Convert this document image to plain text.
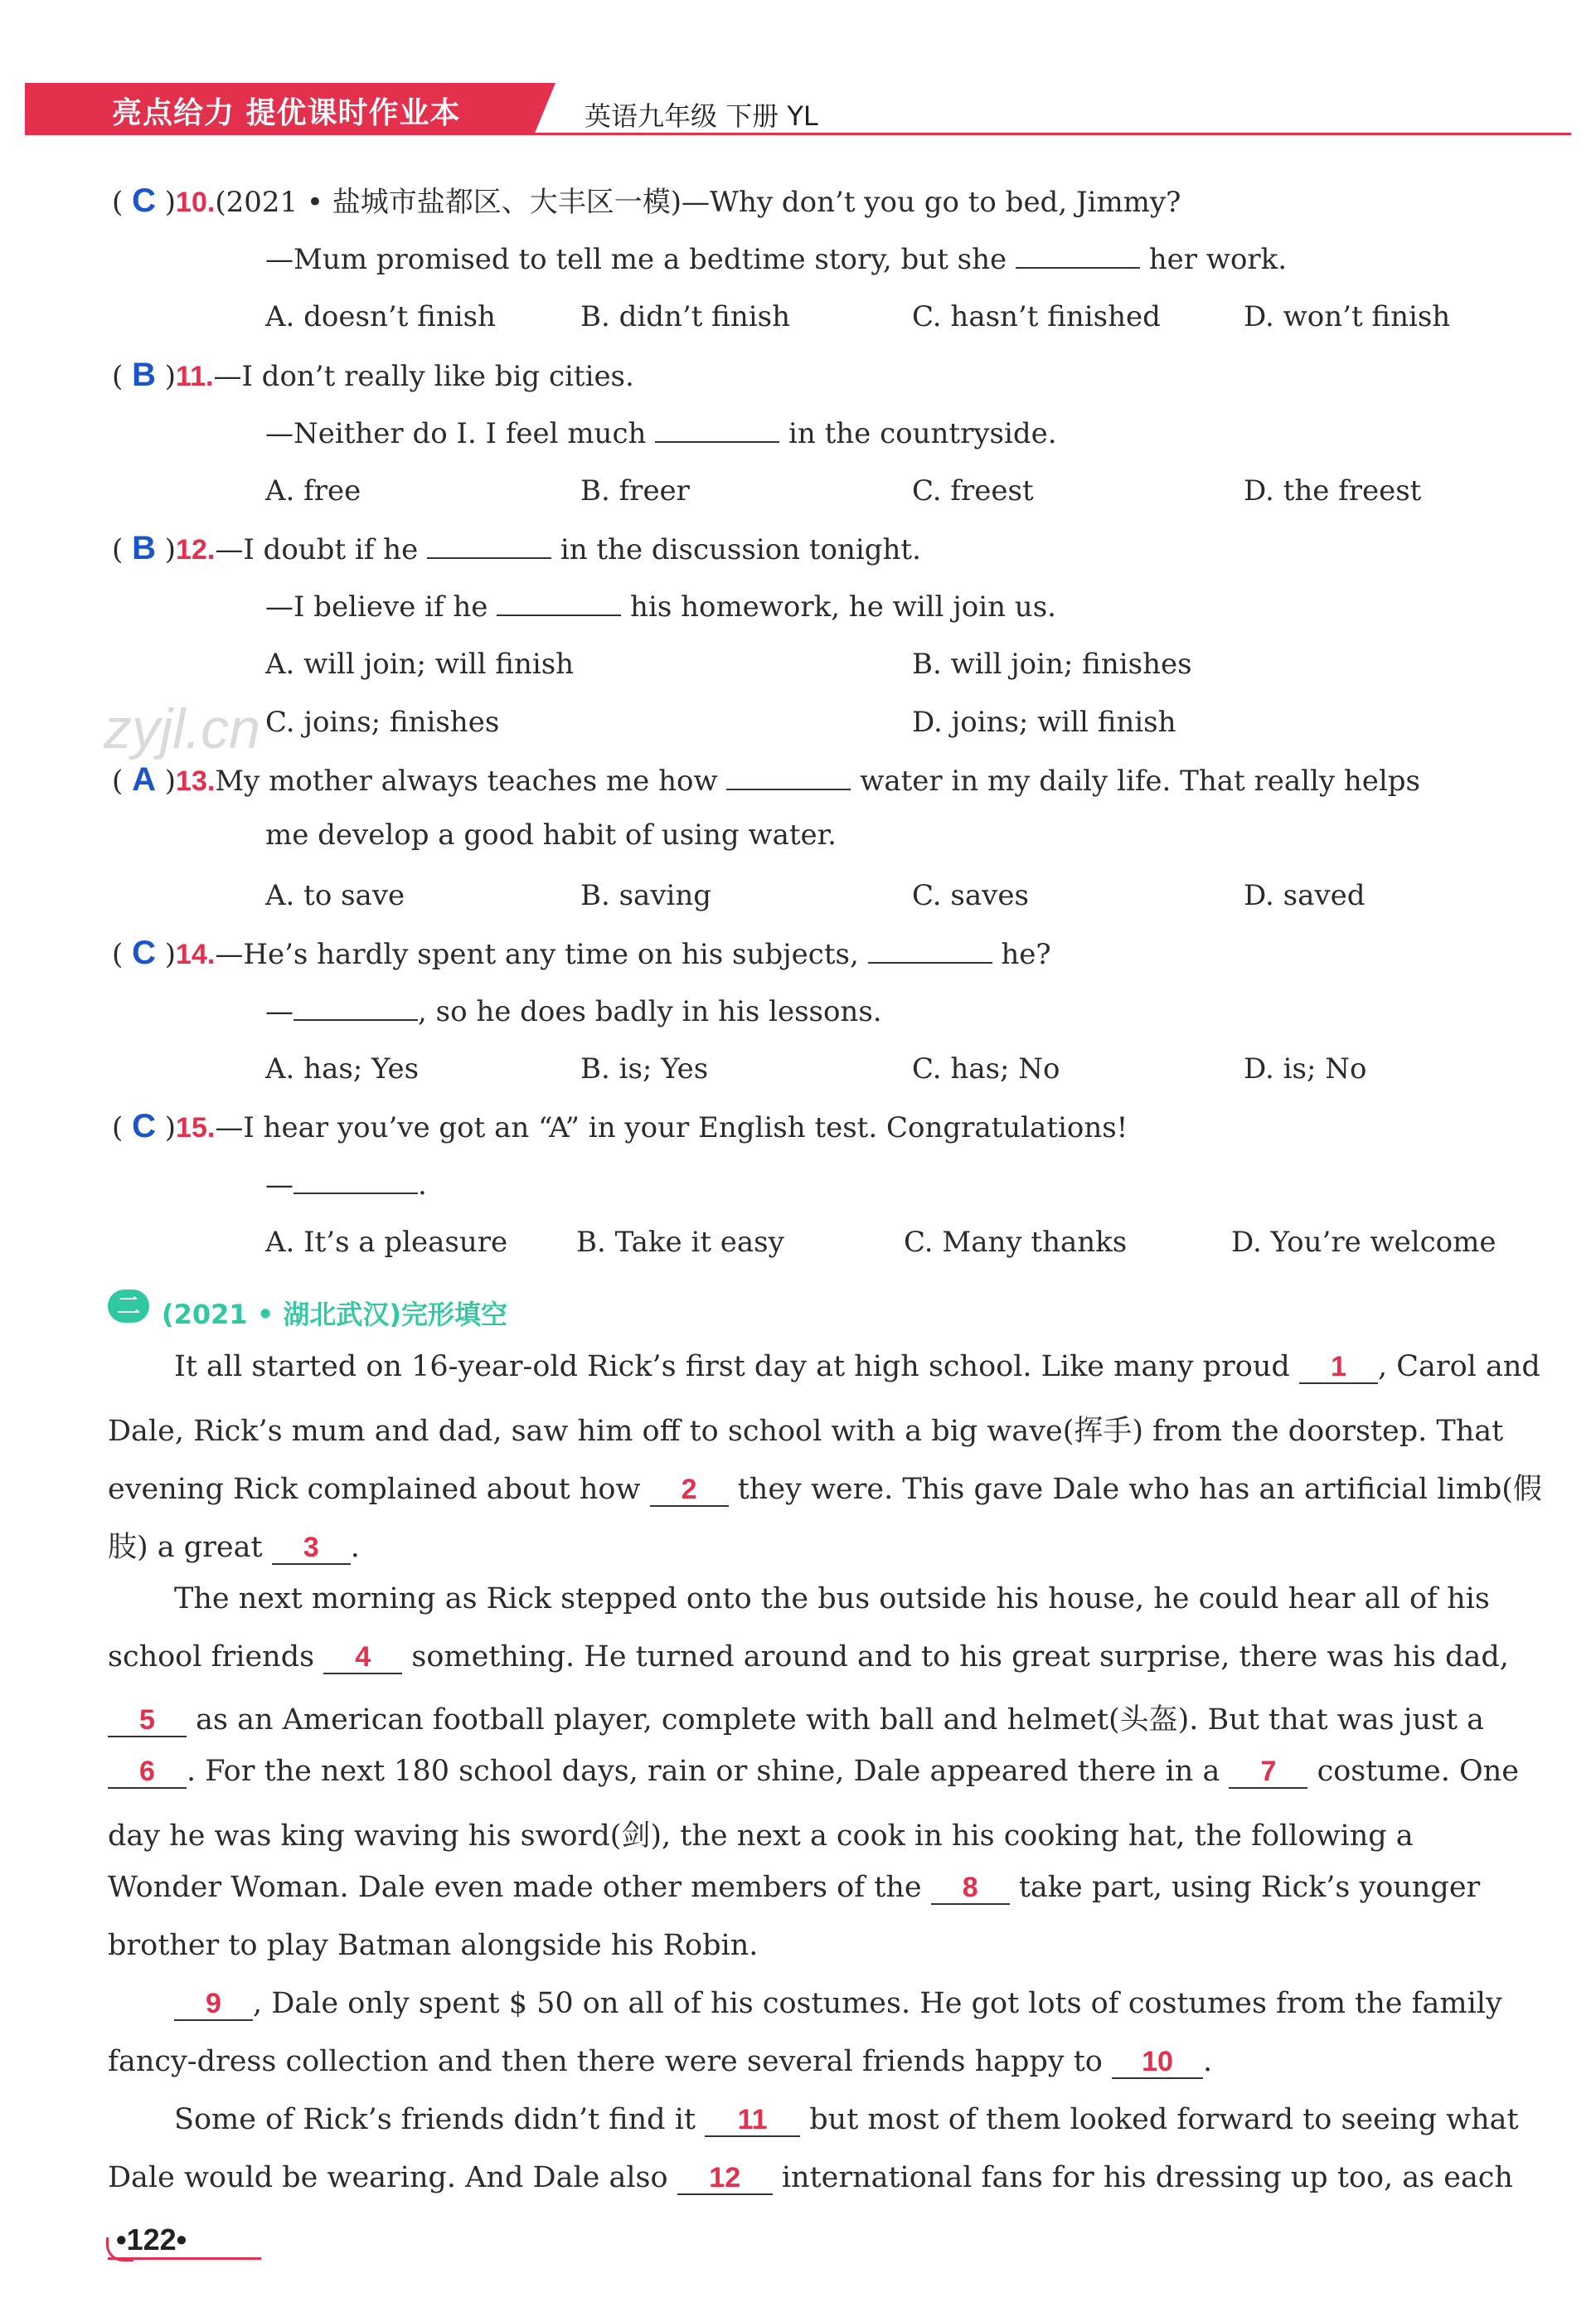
亮点给力 提优课时作业本	英语九年级 下册 YL
zyjl.cn
( C )10.(2021 • 盐城市盐都区、大丰区一模)—Why don’t you go to bed, Jimmy?
—Mum promised to tell me a bedtime story, but she	her work.
A. doesn’t finish	B. didn’t finish	C. hasn’t finished	D. won’t finish
( B )11.—I don’t really like big cities.
—Neither do I. I feel much	in the countryside.
A. free	B. freer	C. freest	D. the freest
( B )12.—I doubt if he	in the discussion tonight.
—I believe if he	his homework, he will join us.
A. will join; will finish	B. will join; finishes
C. joins; finishes	D. joins; will finish
( A )13.My mother always teaches me how	water in my daily life. That really helps
me develop a good habit of using water.
A. to save	B. saving	C. saves	D. saved
( C )14.—He’s hardly spent any time on his subjects,	he?
—	, so he does badly in his lessons.
A. has; Yes	B. is; Yes	C. has; No	D. is; No
( C )15.—I hear you’ve got an “A” in your English test. Congratulations!
—	.
A. It’s a pleasure B. Take it easy	C. Many thanks	D. You’re welcome
二 (2021 • 湖北武汉)完形填空
It all started on 16-year-old Rick’s first day at high school. Like many proud 1 , Carol and
Dale, Rick’s mum and dad, saw him off to school with a big wave(挥手) from the doorstep. That
evening Rick complained about how 2 they were. This gave Dale who has an artificial limb(假
肢) a great 3 .
The next morning as Rick stepped onto the bus outside his house, he could hear all of his
school friends 4 something. He turned around and to his great surprise, there was his dad,
5 as an American football player, complete with ball and helmet(头盔). But that was just a
6 . For the next 180 school days, rain or shine, Dale appeared there in a 7 costume. One
day he was king waving his sword(剑), the next a cook in his cooking hat, the following a
Wonder Woman. Dale even made other members of the 8 take part, using Rick’s younger
brother to play Batman alongside his Robin.
9 , Dale only spent $ 50 on all of his costumes. He got lots of costumes from the family
fancy-dress collection and then there were several friends happy to 10 .
Some of Rick’s friends didn’t find it 11 but most of them looked forward to seeing what
Dale would be wearing. And Dale also 12 international fans for his dressing up too, as each
•122•
